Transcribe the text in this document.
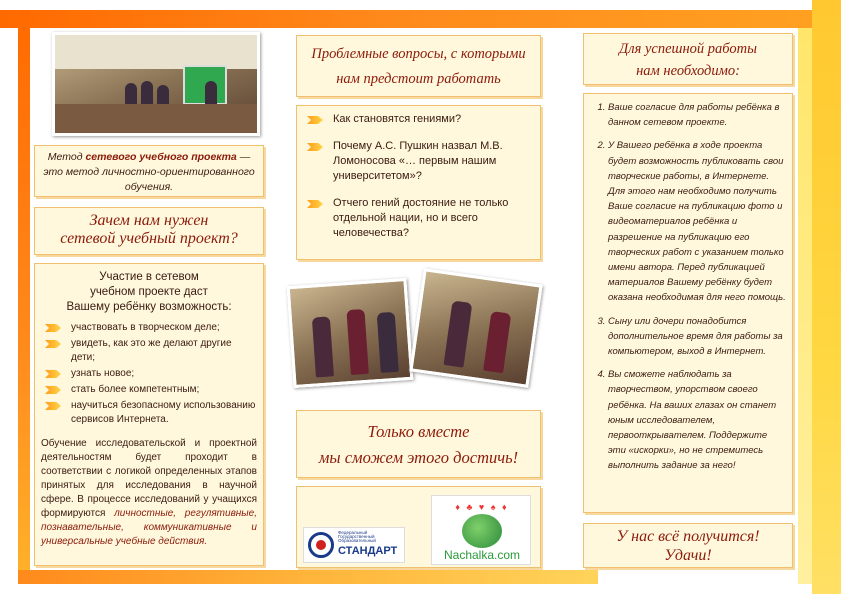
Метод сетевого учебного проекта — это метод личностно-ориентированного обучения.
Зачем нам нужен
сетевой учебный проект?
Участие в сетевом
учебном проекте даст
Вашему ребёнку возможность:
участвовать в творческом деле;
увидеть, как это же делают другие дети;
узнать новое;
стать более компетентным;
научиться безопасному использованию сервисов Интернета.
Обучение исследовательской и проектной деятельностям будет проходит в соответствии с логикой определенных этапов принятых для исследования в научной сфере. В процессе исследований у учащихся формируются личностные, регулятивные, познавательные, коммуникативные и универсальные учебные действия.
Проблемные вопросы, с которыми
нам предстоит работать
Как становятся гениями?
Почему А.С. Пушкин назвал М.В. Ломоносова «… первым нашим университетом»?
Отчего гений достояние не только отдельной нации, но и всего человечества?
Только вместе
мы сможем этого достичь!
Федеральный Государственный Образовательный
СТАНДАРТ
♦ ♣ ♥ ♠ ♦
Nachalka.com
Для успешной работы
нам необходимо:
1. Ваше согласие для работы ребёнка в данном сетевом проекте.
2. У Вашего ребёнка в ходе проекта будет возможность публиковать свои творческие работы, в Интернете. Для этого нам необходимо получить Ваше согласие на публикацию фото и видеоматериалов ребёнка и разрешение на публикацию его творческих работ с указанием только имени автора. Перед публикацией материалов Вашему ребёнку будет оказана необходимая для него помощь.
3. Сыну или дочери понадобится дополнительное время для работы за компьютером, выход в Интернет.
4. Вы сможете наблюдать за творчеством, упорством своего ребёнка. На ваших глазах он станет юным исследователем, первооткрывателем. Поддержите эти «искорки», но не стремитесь выполнить задание за него!
У нас всё получится!
Удачи!
